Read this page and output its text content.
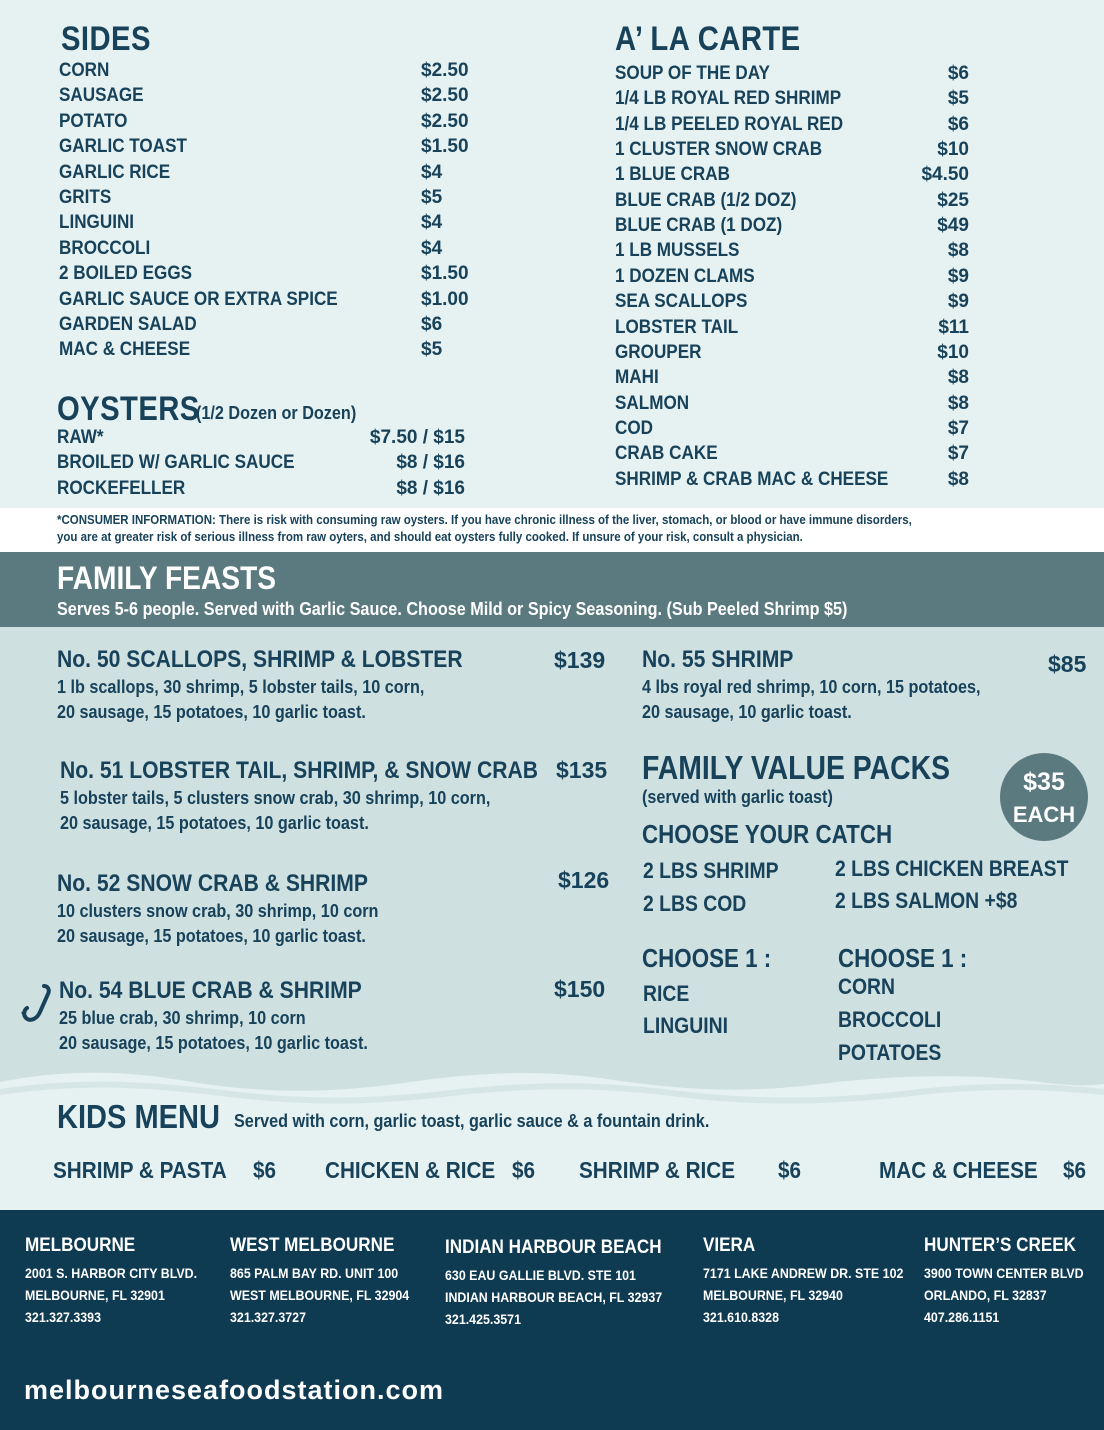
SIDES
CORN	$2.50
SAUSAGE	$2.50
POTATO	$2.50
GARLIC TOAST	$1.50
GARLIC RICE	$4
GRITS	$5
LINGUINI	$4
BROCCOLI	$4
2 BOILED EGGS	$1.50
GARLIC SAUCE OR EXTRA SPICE	$1.00
GARDEN SALAD	$6
MAC & CHEESE	$5
OYSTERS
(1/2 Dozen or Dozen)
RAW*	$7.50 / $15
BROILED W/ GARLIC SAUCE	$8 / $16
ROCKEFELLER	$8 / $16
A’ LA CARTE
SOUP OF THE DAY	$6
1/4 LB ROYAL RED SHRIMP	$5
1/4 LB PEELED ROYAL RED	$6
1 CLUSTER SNOW CRAB	$10
1 BLUE CRAB	$4.50
BLUE CRAB (1/2 DOZ)	$25
BLUE CRAB (1 DOZ)	$49
1 LB MUSSELS	$8
1 DOZEN CLAMS	$9
SEA SCALLOPS	$9
LOBSTER TAIL	$11
GROUPER	$10
MAHI	$8
SALMON	$8
COD	$7
CRAB CAKE	$7
SHRIMP & CRAB MAC & CHEESE	$8

*CONSUMER INFORMATION: There is risk with consuming raw oysters. If you have chronic illness of the liver, stomach, or blood or have immune disorders,

you are at greater risk of serious illness from raw oyters, and should eat oysters fully cooked. If unsure of your risk, consult a physician.

FAMILY FEASTS
Serves 5-6 people. Served with Garlic Sauce. Choose Mild or Spicy Seasoning. (Sub Peeled Shrimp $5)
No. 50 SCALLOPS, SHRIMP & LOBSTER	$139
1 lb scallops, 30 shrimp, 5 lobster tails, 10 corn,
20 sausage, 15 potatoes, 10 garlic toast.
No. 51 LOBSTER TAIL, SHRIMP, & SNOW CRAB $135
5 lobster tails, 5 clusters snow crab, 30 shrimp, 10 corn,
20 sausage, 15 potatoes, 10 garlic toast.
No. 52 SNOW CRAB & SHRIMP	$126
10 clusters snow crab, 30 shrimp, 10 corn
20 sausage, 15 potatoes, 10 garlic toast.
No. 54 BLUE CRAB & SHRIMP	$150
25 blue crab, 30 shrimp, 10 corn
20 sausage, 15 potatoes, 10 garlic toast.
No. 55 SHRIMP	$85
4 lbs royal red shrimp, 10 corn, 15 potatoes,
20 sausage, 10 garlic toast.
FAMILY VALUE PACKS
(served with garlic toast)
$35
EACH
CHOOSE YOUR CATCH
2 LBS SHRIMP
2 LBS COD
2 LBS CHICKEN BREAST
2 LBS SALMON +$8
CHOOSE 1 :
RICE
LINGUINI
CHOOSE 1 :
CORN
BROCCOLI
POTATOES
KIDS MENU Served with corn, garlic toast, garlic sauce & a fountain drink.
SHRIMP & PASTA $6 CHICKEN & RICE $6 SHRIMP & RICE $6	MAC & CHEESE $6
MELBOURNE
2001 S. HARBOR CITY BLVD.
MELBOURNE, FL 32901
321.327.3393
WEST MELBOURNE
865 PALM BAY RD. UNIT 100
WEST MELBOURNE, FL 32904
321.327.3727
INDIAN HARBOUR BEACH
630 EAU GALLIE BLVD. STE 101
INDIAN HARBOUR BEACH, FL 32937
321.425.3571
VIERA
7171 LAKE ANDREW DR. STE 102
MELBOURNE, FL 32940
321.610.8328
HUNTER’S CREEK
3900 TOWN CENTER BLVD
ORLANDO, FL 32837
407.286.1151
melbourneseafoodstation.com
